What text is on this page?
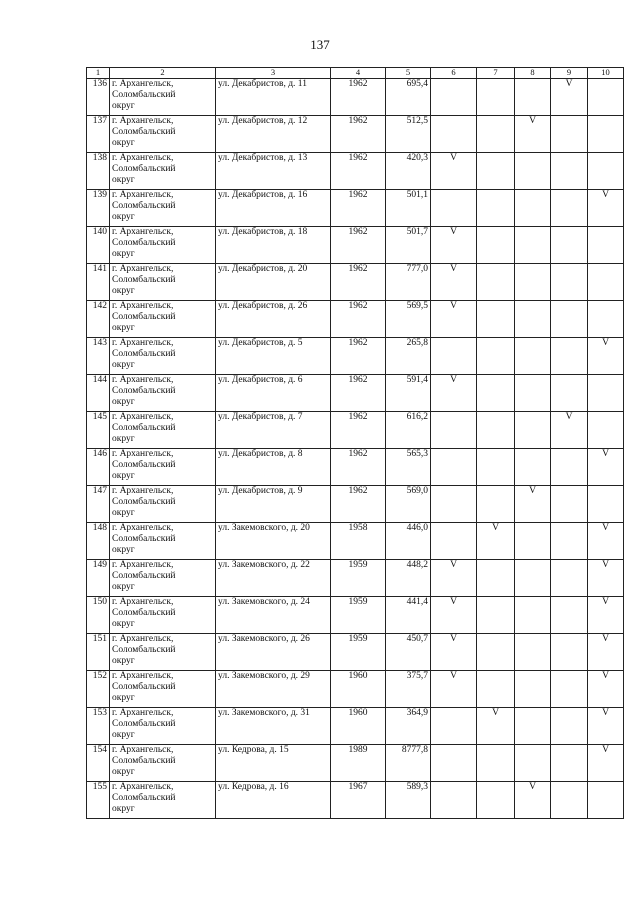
137
1	2	3	4	5	6	7	8	9	10
136	г. Архангельск,
Соломбальский
округ	ул. Декабристов, д. 11	1962	695,4				V	
137	г. Архангельск,
Соломбальский
округ	ул. Декабристов, д. 12	1962	512,5			V		
138	г. Архангельск,
Соломбальский
округ	ул. Декабристов, д. 13	1962	420,3	V				
139	г. Архангельск,
Соломбальский
округ	ул. Декабристов, д. 16	1962	501,1					V
140	г. Архангельск,
Соломбальский
округ	ул. Декабристов, д. 18	1962	501,7	V				
141	г. Архангельск,
Соломбальский
округ	ул. Декабристов, д. 20	1962	777,0	V				
142	г. Архангельск,
Соломбальский
округ	ул. Декабристов, д. 26	1962	569,5	V				
143	г. Архангельск,
Соломбальский
округ	ул. Декабристов, д. 5	1962	265,8					V
144	г. Архангельск,
Соломбальский
округ	ул. Декабристов, д. 6	1962	591,4	V				
145	г. Архангельск,
Соломбальский
округ	ул. Декабристов, д. 7	1962	616,2				V	
146	г. Архангельск,
Соломбальский
округ	ул. Декабристов, д. 8	1962	565,3					V
147	г. Архангельск,
Соломбальский
округ	ул. Декабристов, д. 9	1962	569,0			V		
148	г. Архангельск,
Соломбальский
округ	ул. Закемовского, д. 20	1958	446,0		V			V
149	г. Архангельск,
Соломбальский
округ	ул. Закемовского, д. 22	1959	448,2	V				V
150	г. Архангельск,
Соломбальский
округ	ул. Закемовского, д. 24	1959	441,4	V				V
151	г. Архангельск,
Соломбальский
округ	ул. Закемовского, д. 26	1959	450,7	V				V
152	г. Архангельск,
Соломбальский
округ	ул. Закемовского, д. 29	1960	375,7	V				V
153	г. Архангельск,
Соломбальский
округ	ул. Закемовского, д. 31	1960	364,9		V			V
154	г. Архангельск,
Соломбальский
округ	ул. Кедрова, д. 15	1989	8777,8					V
155	г. Архангельск,
Соломбальский
округ	ул. Кедрова, д. 16	1967	589,3			V		
